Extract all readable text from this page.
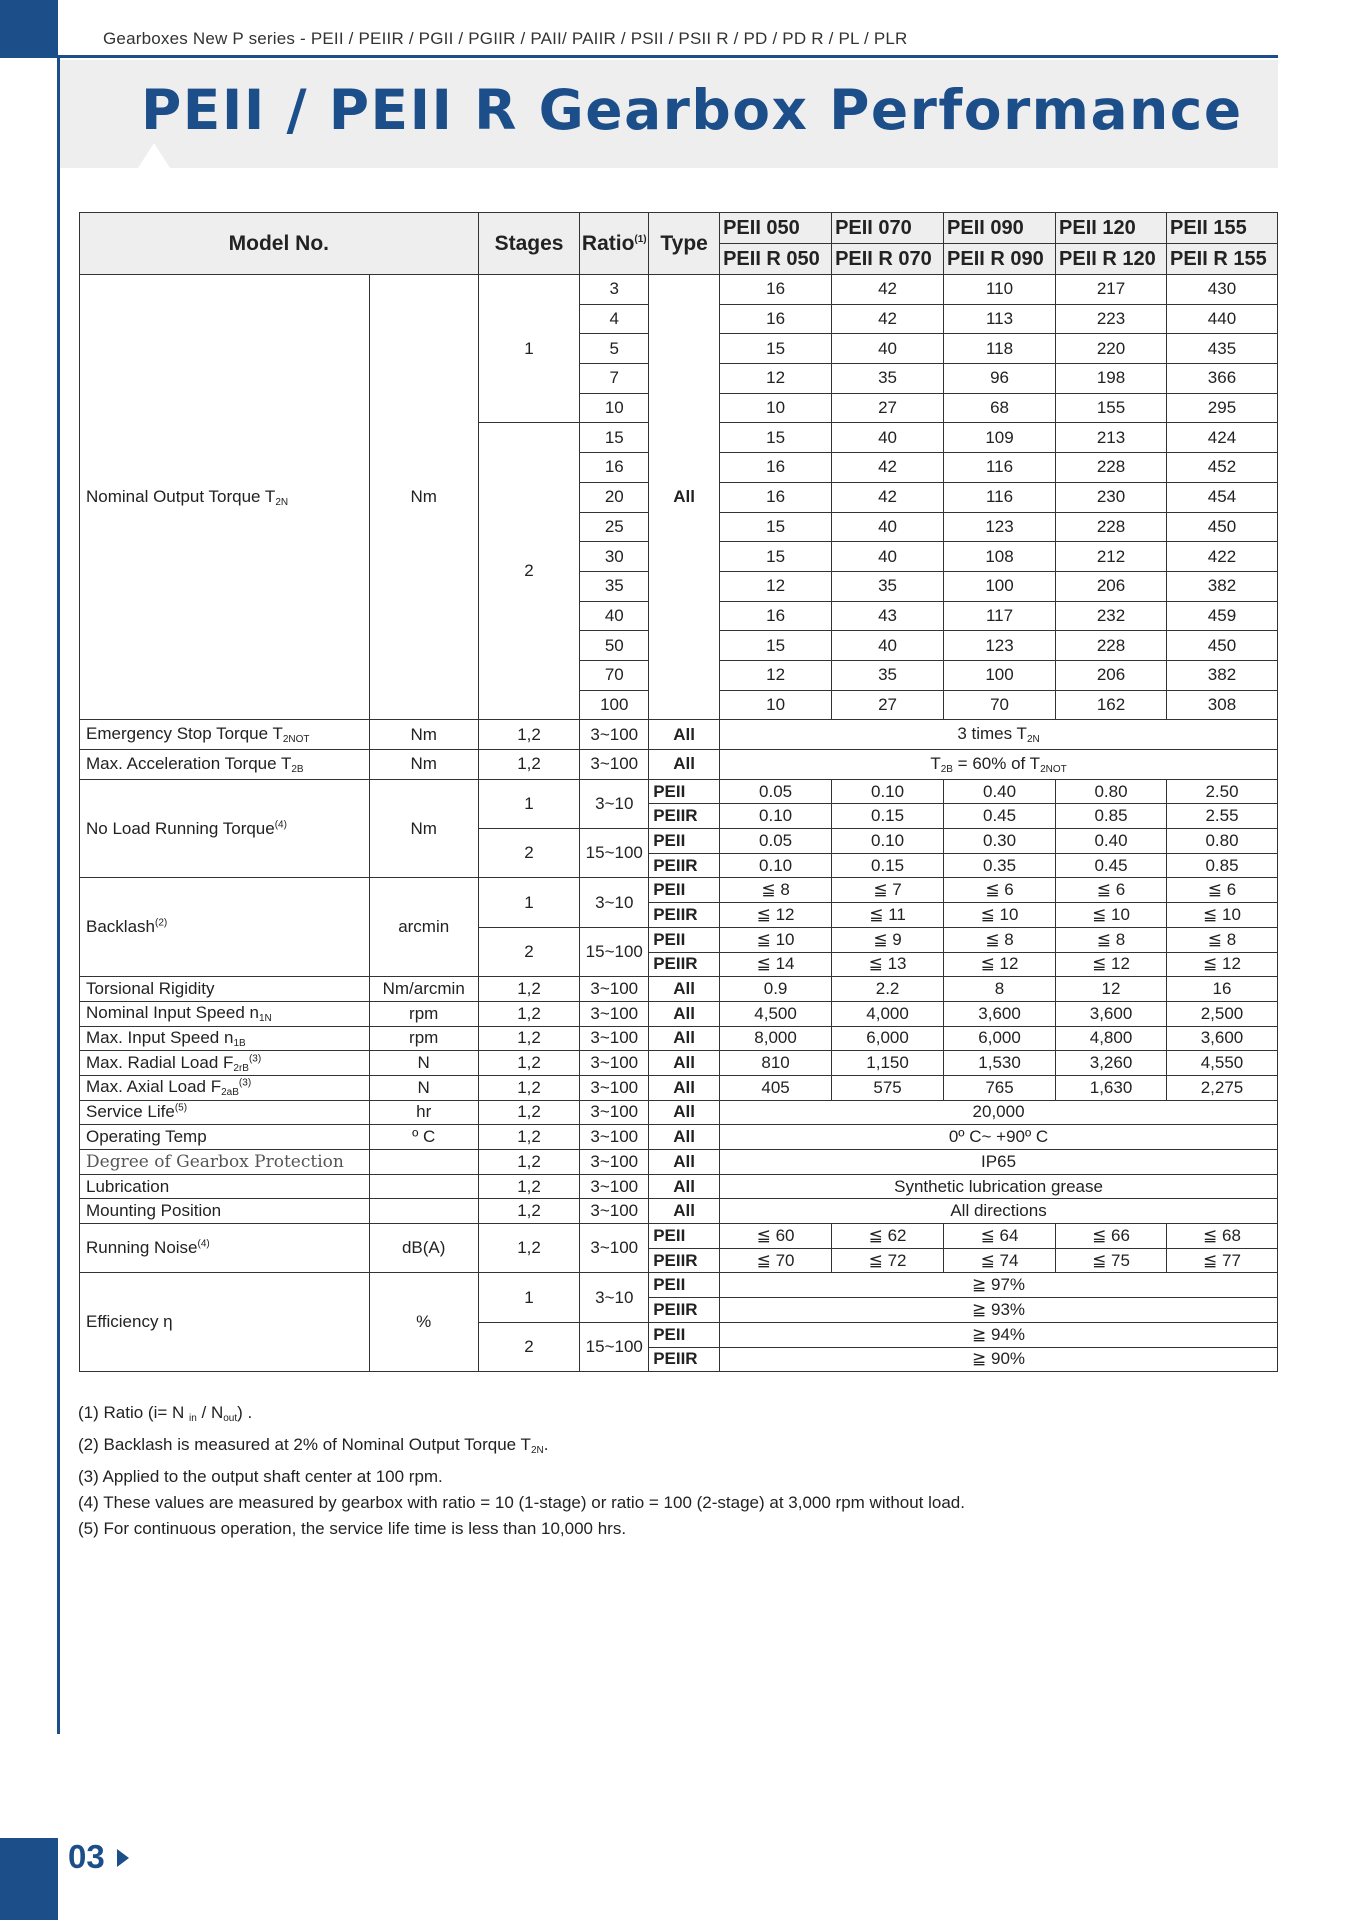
Gearboxes New P series - PEII / PEIIR / PGII / PGIIR / PAII/ PAIIR / PSII / PSII R / PD / PD R / PL / PLR
PEII / PEII R Gearbox Performance
Model No.		Stages	Ratio$^{(1)}$	Type	PEII 050	PEII 070	PEII 090	PEII 120	PEII 155
					PEII R 050	PEII R 070	PEII R 090	PEII R 120	PEII R 155
Nominal Output Torque $T_{2N}$	Nm	1	3	All	16	42	110	217	430
			4		16	42	113	223	440
			5		15	40	118	220	435
			7		12	35	96	198	366
			10		10	27	68	155	295
		2	15		15	40	109	213	424
			16		16	42	116	228	452
			20		16	42	116	230	454
			25		15	40	123	228	450
			30		15	40	108	212	422
			35		12	35	100	206	382
			40		16	43	117	232	459
			50		15	40	123	228	450
			70		12	35	100	206	382
			100		10	27	70	162	308
Emergency Stop Torque $T_{2NOT}$	Nm	1,2	3~100	All	3 times $T_{2N}$
Max. Acceleration Torque $T_{2B}$	Nm	1,2	3~100	All	$T_{2B} = 60\%$ of $T_{2NOT}$
No Load Running Torque$^{(4)}$	Nm	1	3~10	PEII	0.05	0.10	0.40	0.80	2.50
				PEIIR	0.10	0.15	0.45	0.85	2.55
		2	15~100	PEII	0.05	0.10	0.30	0.40	0.80
				PEIIR	0.10	0.15	0.35	0.45	0.85
Backlash$^{(2)}$	arcmin	1	3~10	PEII	≦ 8	≦ 7	≦ 6	≦ 6	≦ 6
				PEIIR	≦ 12	≦ 11	≦ 10	≦ 10	≦ 10
		2	15~100	PEII	≦ 10	≦ 9	≦ 8	≦ 8	≦ 8
				PEIIR	≦ 14	≦ 13	≦ 12	≦ 12	≦ 12
Torsional Rigidity	Nm/arcmin	1,2	3~100	All	0.9	2.2	8	12	16
Nominal Input Speed $n_{1N}$	rpm	1,2	3~100	All	4,500	4,000	3,600	3,600	2,500
Max. Input Speed $n_{1B}$	rpm	1,2	3~100	All	8,000	6,000	6,000	4,800	3,600
Max. Radial Load $F_{2rB}^{(3)}$	N	1,2	3~100	All	810	1,150	1,530	3,260	4,550
Max. Axial Load $F_{2aB}^{(3)}$	N	1,2	3~100	All	405	575	765	1,630	2,275
Service Life$^{(5)}$	hr	1,2	3~100	All	20,000				
Operating Temp	º C	1,2	3~100	All	0º C~ +90º C				
Degree of Gearbox Protection		1,2	3~100	All	IP65				
Lubrication		1,2	3~100	All	Synthetic lubrication grease				
Mounting Position		1,2	3~100	All	All directions				
Running Noise$^{(4)}$	dB(A)	1,2	3~100	PEII	≦ 60	≦ 62	≦ 64	≦ 66	≦ 68
				PEIIR	≦ 70	≦ 72	≦ 74	≦ 75	≦ 77
Efficiency η	%	1	3~10	PEII	≧ 97%				
				PEIIR	≧ 93%				
		2	15~100	PEII	≧ 94%				
				PEIIR	≧ 90%				
(1) Ratio (i= N $_{in} / N_{out}$) .
(2) Backlash is measured at 2% of Nominal Output Torque $T_{2N}$.
(3) Applied to the output shaft center at 100 rpm.
(4) These values are measured by gearbox with ratio = 10 (1-stage) or ratio = 100 (2-stage) at 3,000 rpm without load.
(5) For continuous operation, the service life time is less than 10,000 hrs.
03
